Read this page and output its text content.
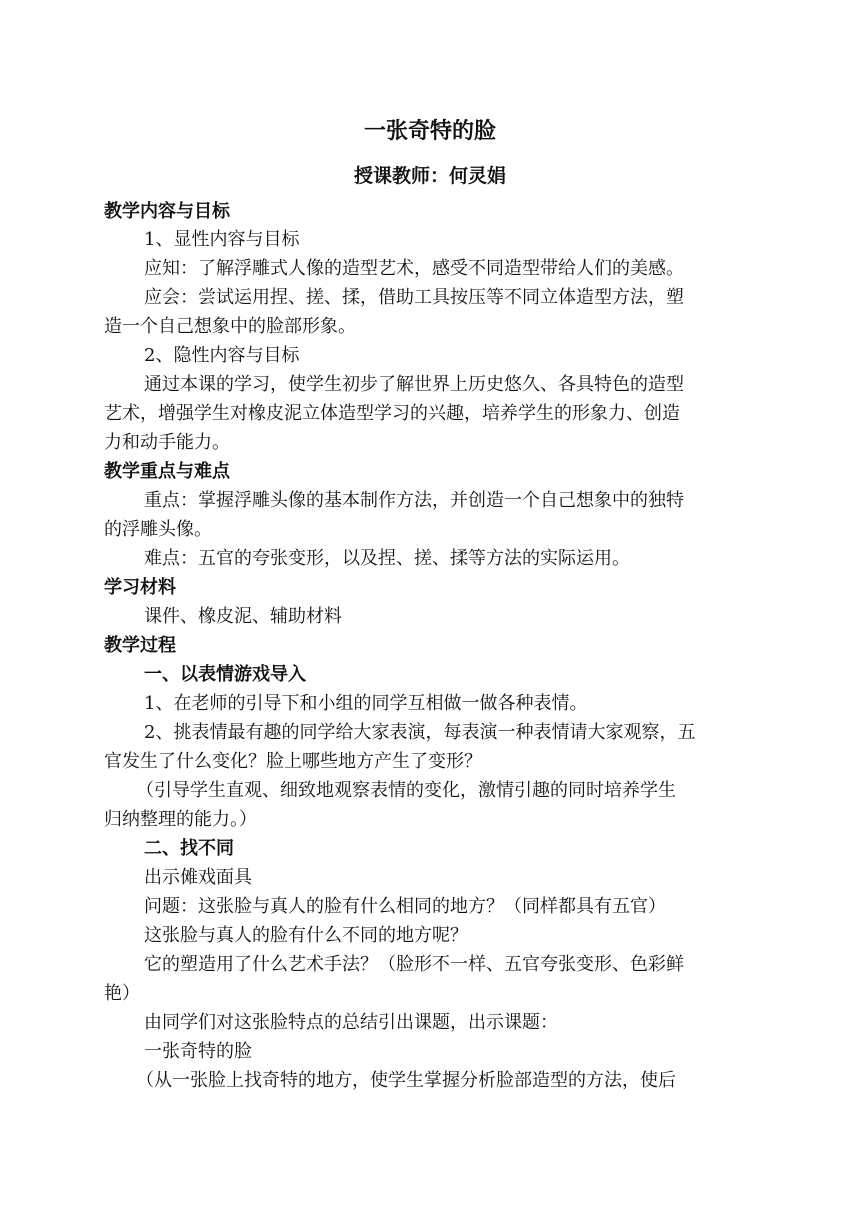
一张奇特的脸
授课教师：何灵娟
教学内容与目标
1、显性内容与目标
应知：了解浮雕式人像的造型艺术，感受不同造型带给人们的美感。
应会：尝试运用捏、搓、揉，借助工具按压等不同立体造型方法，塑
造一个自己想象中的脸部形象。
2、隐性内容与目标
通过本课的学习，使学生初步了解世界上历史悠久、各具特色的造型
艺术，增强学生对橡皮泥立体造型学习的兴趣，培养学生的形象力、创造
力和动手能力。
教学重点与难点
重点：掌握浮雕头像的基本制作方法，并创造一个自己想象中的独特
的浮雕头像。
难点：五官的夸张变形，以及捏、搓、揉等方法的实际运用。
学习材料
课件、橡皮泥、辅助材料
教学过程
一、以表情游戏导入
1、在老师的引导下和小组的同学互相做一做各种表情。
2、挑表情最有趣的同学给大家表演，每表演一种表情请大家观察，五
官发生了什么变化？脸上哪些地方产生了变形？
（引导学生直观、细致地观察表情的变化，激情引趣的同时培养学生
归纳整理的能力。）
二、找不同
出示傩戏面具
问题：这张脸与真人的脸有什么相同的地方？（同样都具有五官）
这张脸与真人的脸有什么不同的地方呢？
它的塑造用了什么艺术手法？（脸形不一样、五官夸张变形、色彩鲜
艳）
由同学们对这张脸特点的总结引出课题，出示课题：
一张奇特的脸
（从一张脸上找奇特的地方，使学生掌握分析脸部造型的方法，使后
